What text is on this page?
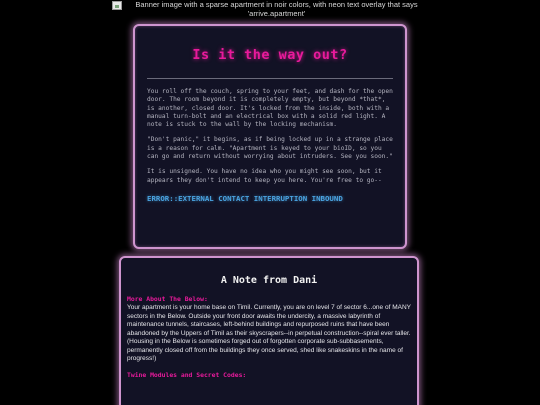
Banner image with a sparse apartment in noir colors, with neon text overlay that says 'arrive.apartment'
Is it the way out?

You roll off the couch, spring to your feet, and dash for the open door. The room beyond it is completely empty, but beyond *that*, is another, closed door. It's locked from the inside, both with a manual turn-bolt and an electrical box with a solid red light. A note is stuck to the wall by the locking mechanism.

"Don't panic," it begins, as if being locked up in a strange place is a reason for calm. "Apartment is keyed to your bioID, so you can go and return without worrying about intruders. See you soon."

It is unsigned. You have no idea who you might see soon, but it appears they don't intend to keep you here. You're free to go--

ERROR::EXTERNAL CONTACT INTERRUPTION INBOUND
A Note from Dani
More About The Below:

Your apartment is your home base on Timil. Currently, you are on level 7 of sector 6...one of MANY sectors in the Below. Outside your front door awaits the undercity, a massive labyrinth of maintenance tunnels, staircases, left-behind buildings and repurposed ruins that have been abandoned by the Uppers of Timil as their skyscrapers--in perpetual construction--spiral ever taller. (Housing in the Below is sometimes forged out of forgotten corporate sub-subbasements, permanently closed off from the buildings they once served, shed like snakeskins in the name of progress!)

Twine Modules and Secret Codes:
